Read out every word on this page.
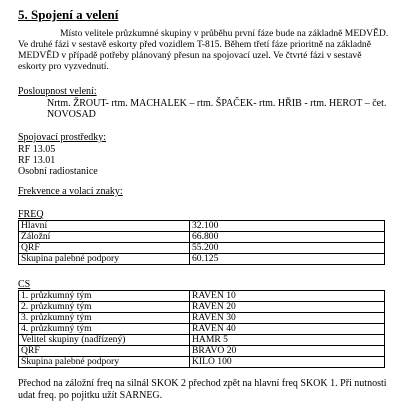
5. Spojení a velení
Místo velitele průzkumné skupiny v průběhu první fáze bude na základně MEDVĚD.
Ve druhé fázi v sestavě eskorty před vozidlem T-815. Během třetí fáze prioritně na základně
MEDVĚD v případě potřeby plánovaný přesun na spojovací uzel. Ve čtvrté fázi v sestavě
eskorty pro vyzvednutí.
Posloupnost velení:
Nrtm. ŽROUT- rtm. MACHALEK – rtm. ŠPAČEK- rtm. HŘIB - rtm. HEROT – čet. NOVOSAD
Spojovací prostředky:
RF 13.05
RF 13.01
Osobní radiostanice
Frekvence a volací znaky:
FREQ
Hlavní	32.100
Záložní	66.800
QRF	55.200
Skupina palebné podpory	60.125
CS
1. průzkumný tým	RAVEN 10
2. průzkumný tým	RAVEN 20
3. průzkumný tým	RAVEN 30
4. průzkumný tým	RAVEN 40
Velitel skupiny (nadřízený)	HAMR 5
QRF	BRAVO 20
Skupina palebné podpory	KILO 100
Přechod na záložní freq na silnál SKOK 2 přechod zpět na hlavní freq SKOK 1. Při nutnosti
udat freq. po pojitku užít SARNEG.
